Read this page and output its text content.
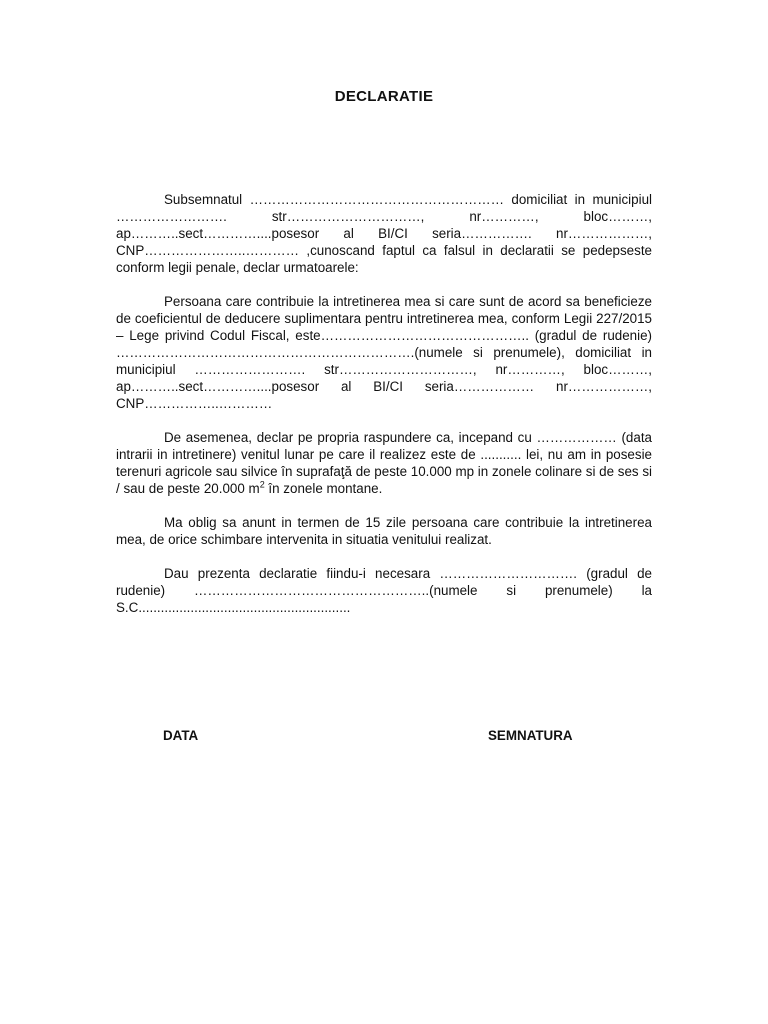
DECLARATIE

Subsemnatul ………………………………………………… domiciliat in municipiul ……………………. str…………………………, nr…………, bloc………, ap………..sect…………....posesor al BI/CI seria……………. nr………………, CNP…………………..………… ,cunoscand faptul ca falsul in declaratii se pedepseste conform legii penale, declar urmatoarele:

Persoana care contribuie la intretinerea mea si care sunt de acord sa beneficieze de coeficientul de deducere suplimentara pentru intretinerea mea, conform Legii 227/2015 – Lege privind Codul Fiscal, este……………………………………….. (gradul de rudenie) ………………………………………………………….(numele si prenumele), domiciliat in municipiul ……………………. str…………………………, nr…………, bloc………, ap………..sect…………....posesor al BI/CI seria……………… nr………………, CNP……………..…………

De asemenea, declar pe propria raspundere ca, incepand cu ……………… (data intrarii in intretinere) venitul lunar pe care il realizez este de ........... lei, nu am in posesie terenuri agricole sau silvice în suprafaţă de peste 10.000 mp in zonele colinare si de ses si / sau de peste 20.000 $m^2$ în zonele montane.

Ma oblig sa anunt in termen de 15 zile persoana care contribuie la intretinerea mea, de orice schimbare intervenita in situatia venitului realizat.

Dau prezenta declaratie fiindu-i necesara …………………………. (gradul de rudenie) ……………………………………………..(numele si prenumele) la S.C.........................................................

DATA	SEMNATURA
